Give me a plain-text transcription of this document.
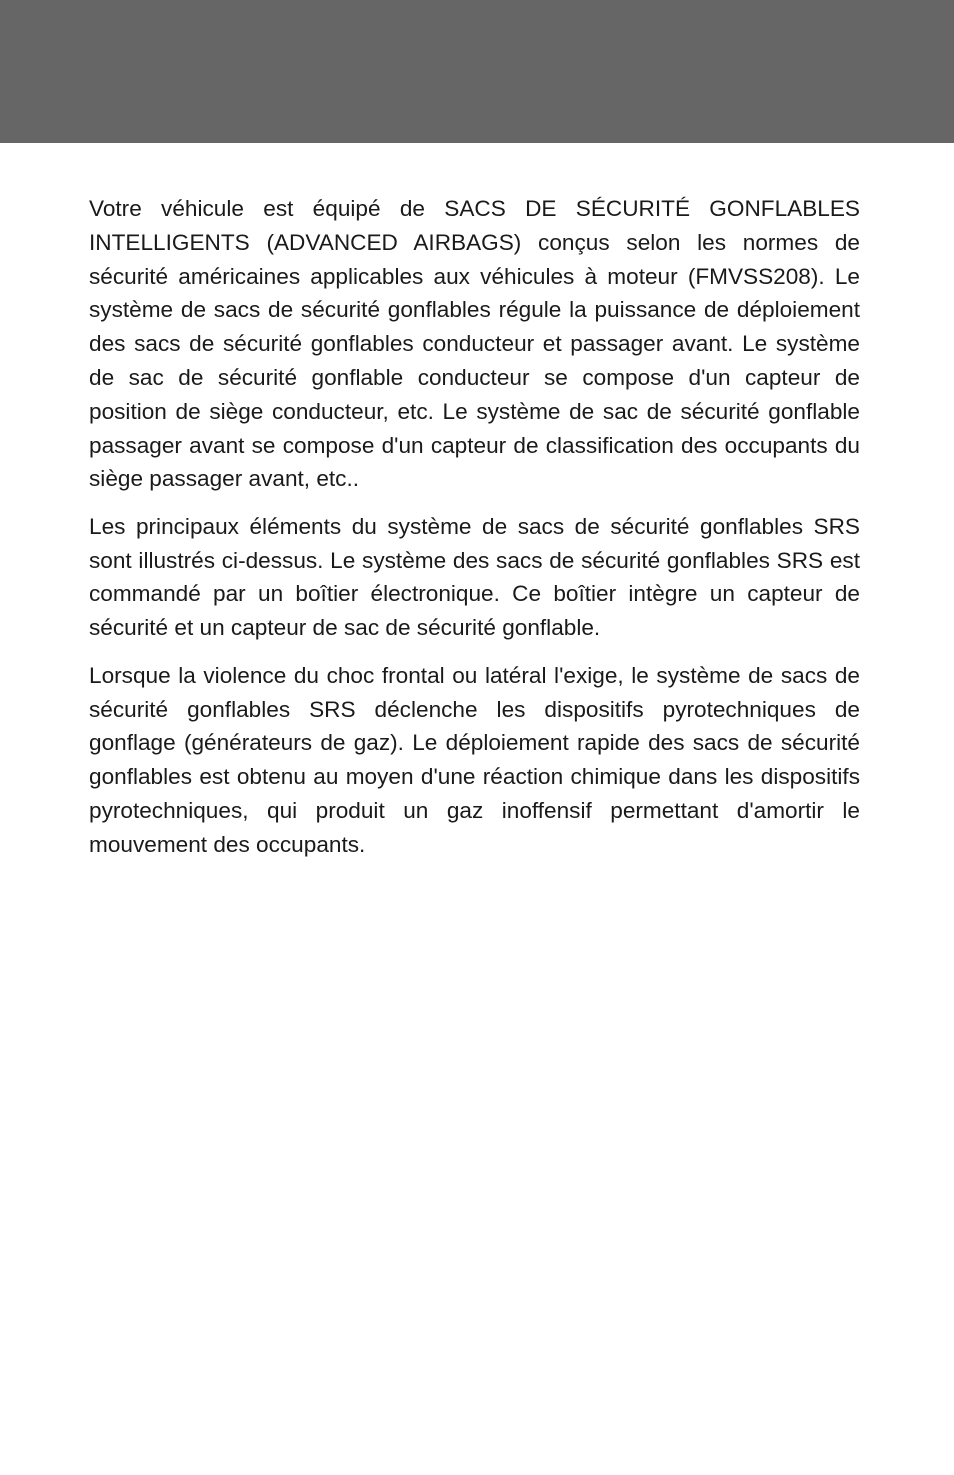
Votre véhicule est équipé de SACS DE SÉCURITÉ GONFLABLES INTELLIGENTS (ADVANCED AIRBAGS) conçus selon les normes de sécurité américaines applicables aux véhicules à moteur (FMVSS208). Le système de sacs de sécurité gonflables régule la puissance de déploiement des sacs de sécurité gonflables conducteur et passager avant. Le système de sac de sécurité gonflable conducteur se compose d'un capteur de position de siège conducteur, etc. Le système de sac de sécurité gonflable passager avant se compose d'un capteur de classification des occupants du siège passager avant, etc..

Les principaux éléments du système de sacs de sécurité gonflables SRS sont illustrés ci-dessus. Le système des sacs de sécurité gonflables SRS est commandé par un boîtier électronique. Ce boîtier intègre un capteur de sécurité et un capteur de sac de sécurité gonflable.

Lorsque la violence du choc frontal ou latéral l'exige, le système de sacs de sécurité gonflables SRS déclenche les dispositifs pyrotechniques de gonflage (générateurs de gaz). Le déploiement rapide des sacs de sécurité gonflables est obtenu au moyen d'une réaction chimique dans les dispositifs pyrotechniques, qui produit un gaz inoffensif permettant d'amortir le mouvement des occupants.
